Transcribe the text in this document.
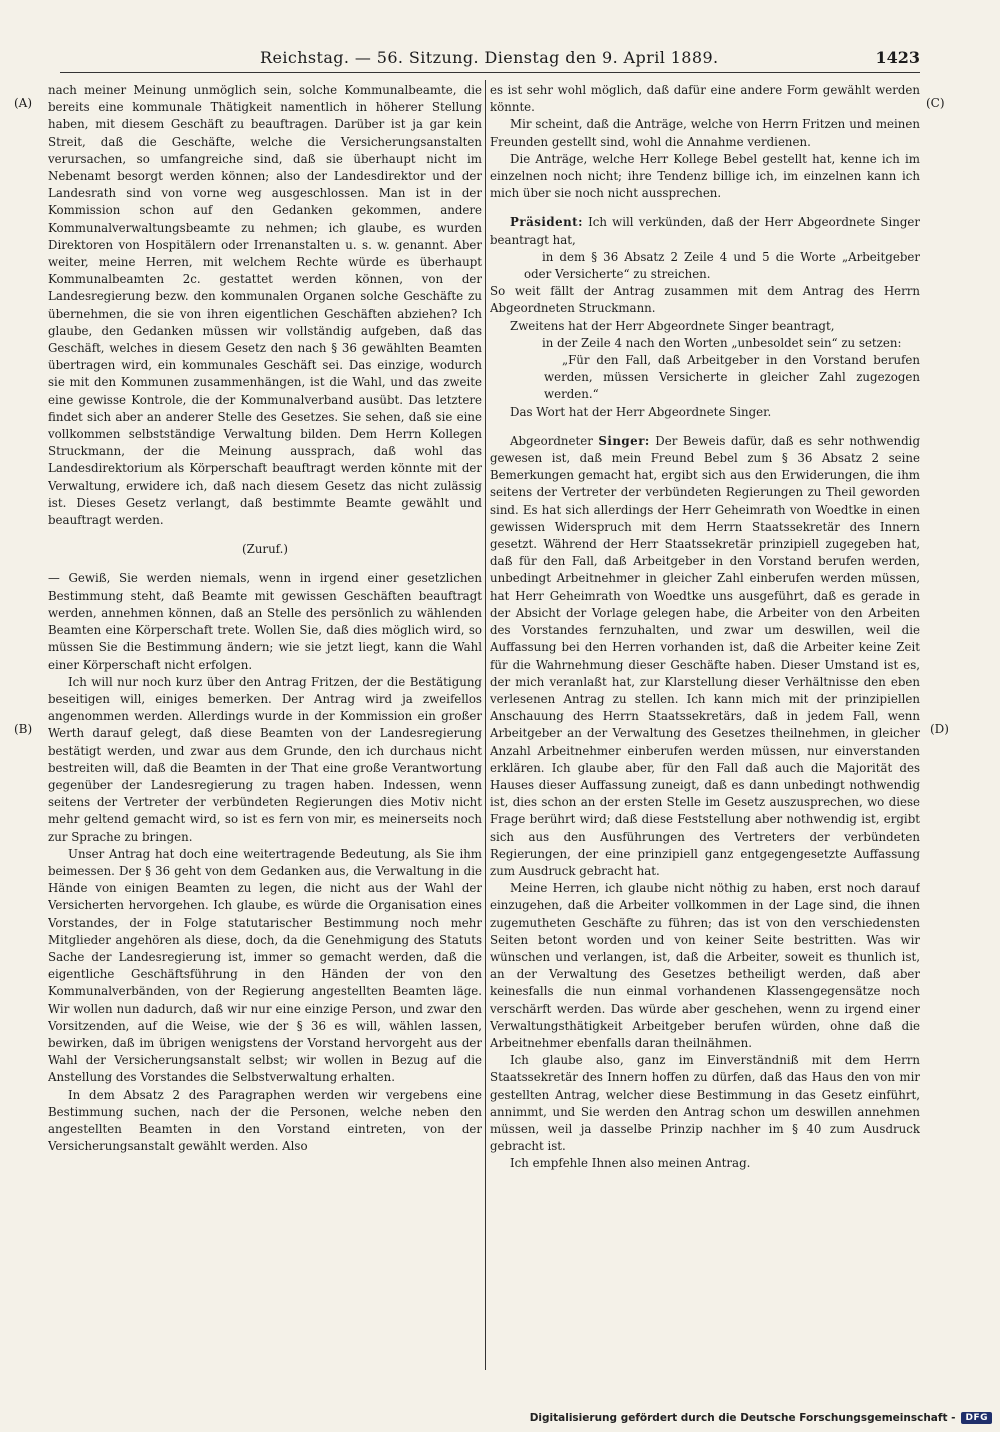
Reichstag. — 56. Sitzung. Dienstag den 9. April 1889.	1423
(A)
(B)
(C)
(D)

nach meiner Meinung unmöglich sein, solche Kommunalbeamte, die bereits eine kommunale Thätigkeit namentlich in höherer Stellung haben, mit diesem Geschäft zu beauftragen. Darüber ist ja gar kein Streit, daß die Geschäfte, welche die Versicherungsanstalten verursachen, so umfangreiche sind, daß sie überhaupt nicht im Nebenamt besorgt werden können; also der Landesdirektor und der Landesrath sind von vorne weg ausgeschlossen. Man ist in der Kommission schon auf den Gedanken gekommen, andere Kommunalverwaltungsbeamte zu nehmen; ich glaube, es wurden Direktoren von Hospitälern oder Irrenanstalten u. s. w. genannt. Aber weiter, meine Herren, mit welchem Rechte würde es überhaupt Kommunalbeamten 2c. gestattet werden können, von der Landesregierung bezw. den kommunalen Organen solche Geschäfte zu übernehmen, die sie von ihren eigentlichen Geschäften abziehen? Ich glaube, den Gedanken müssen wir vollständig aufgeben, daß das Geschäft, welches in diesem Gesetz den nach § 36 gewählten Beamten übertragen wird, ein kommunales Geschäft sei. Das einzige, wodurch sie mit den Kommunen zusammenhängen, ist die Wahl, und das zweite eine gewisse Kontrole, die der Kommunalverband ausübt. Das letztere findet sich aber an anderer Stelle des Gesetzes. Sie sehen, daß sie eine vollkommen selbstständige Verwaltung bilden. Dem Herrn Kollegen Struckmann, der die Meinung aussprach, daß wohl das Landesdirektorium als Körperschaft beauftragt werden könnte mit der Verwaltung, erwidere ich, daß nach diesem Gesetz das nicht zulässig ist. Dieses Gesetz verlangt, daß bestimmte Beamte gewählt und beauftragt werden.

(Zuruf.)

— Gewiß, Sie werden niemals, wenn in irgend einer gesetzlichen Bestimmung steht, daß Beamte mit gewissen Geschäften beauftragt werden, annehmen können, daß an Stelle des persönlich zu wählenden Beamten eine Körperschaft trete. Wollen Sie, daß dies möglich wird, so müssen Sie die Bestimmung ändern; wie sie jetzt liegt, kann die Wahl einer Körperschaft nicht erfolgen.

Ich will nur noch kurz über den Antrag Fritzen, der die Bestätigung beseitigen will, einiges bemerken. Der Antrag wird ja zweifellos angenommen werden. Allerdings wurde in der Kommission ein großer Werth darauf gelegt, daß diese Beamten von der Landesregierung bestätigt werden, und zwar aus dem Grunde, den ich durchaus nicht bestreiten will, daß die Beamten in der That eine große Verantwortung gegenüber der Landesregierung zu tragen haben. Indessen, wenn seitens der Vertreter der verbündeten Regierungen dies Motiv nicht mehr geltend gemacht wird, so ist es fern von mir, es meinerseits noch zur Sprache zu bringen.

Unser Antrag hat doch eine weitertragende Bedeutung, als Sie ihm beimessen. Der § 36 geht von dem Gedanken aus, die Verwaltung in die Hände von einigen Beamten zu legen, die nicht aus der Wahl der Versicherten hervorgehen. Ich glaube, es würde die Organisation eines Vorstandes, der in Folge statutarischer Bestimmung noch mehr Mitglieder angehören als diese, doch, da die Genehmigung des Statuts Sache der Landesregierung ist, immer so gemacht werden, daß die eigentliche Geschäftsführung in den Händen der von den Kommunalverbänden, von der Regierung angestellten Beamten läge. Wir wollen nun dadurch, daß wir nur eine einzige Person, und zwar den Vorsitzenden, auf die Weise, wie der § 36 es will, wählen lassen, bewirken, daß im übrigen wenigstens der Vorstand hervorgeht aus der Wahl der Versicherungsanstalt selbst; wir wollen in Bezug auf die Anstellung des Vorstandes die Selbstverwaltung erhalten.

In dem Absatz 2 des Paragraphen werden wir vergebens eine Bestimmung suchen, nach der die Personen, welche neben den angestellten Beamten in den Vorstand eintreten, von der Versicherungsanstalt gewählt werden. Also

es ist sehr wohl möglich, daß dafür eine andere Form gewählt werden könnte.

Mir scheint, daß die Anträge, welche von Herrn Fritzen und meinen Freunden gestellt sind, wohl die Annahme verdienen.

Die Anträge, welche Herr Kollege Bebel gestellt hat, kenne ich im einzelnen noch nicht; ihre Tendenz billige ich, im einzelnen kann ich mich über sie noch nicht aussprechen.

Präsident: Ich will verkünden, daß der Herr Abgeordnete Singer beantragt hat,

in dem § 36 Absatz 2 Zeile 4 und 5 die Worte „Arbeitgeber oder Versicherte“ zu streichen.

So weit fällt der Antrag zusammen mit dem Antrag des Herrn Abgeordneten Struckmann.

Zweitens hat der Herr Abgeordnete Singer beantragt,

in der Zeile 4 nach den Worten „unbesoldet sein“ zu setzen:

„Für den Fall, daß Arbeitgeber in den Vorstand berufen werden, müssen Versicherte in gleicher Zahl zugezogen werden.“

Das Wort hat der Herr Abgeordnete Singer.

Abgeordneter Singer: Der Beweis dafür, daß es sehr nothwendig gewesen ist, daß mein Freund Bebel zum § 36 Absatz 2 seine Bemerkungen gemacht hat, ergibt sich aus den Erwiderungen, die ihm seitens der Vertreter der verbündeten Regierungen zu Theil geworden sind. Es hat sich allerdings der Herr Geheimrath von Woedtke in einen gewissen Widerspruch mit dem Herrn Staatssekretär des Innern gesetzt. Während der Herr Staatssekretär prinzipiell zugegeben hat, daß für den Fall, daß Arbeitgeber in den Vorstand berufen werden, unbedingt Arbeitnehmer in gleicher Zahl einberufen werden müssen, hat Herr Geheimrath von Woedtke uns ausgeführt, daß es gerade in der Absicht der Vorlage gelegen habe, die Arbeiter von den Arbeiten des Vorstandes fernzuhalten, und zwar um deswillen, weil die Auffassung bei den Herren vorhanden ist, daß die Arbeiter keine Zeit für die Wahrnehmung dieser Geschäfte haben. Dieser Umstand ist es, der mich veranlaßt hat, zur Klarstellung dieser Verhältnisse den eben verlesenen Antrag zu stellen. Ich kann mich mit der prinzipiellen Anschauung des Herrn Staatssekretärs, daß in jedem Fall, wenn Arbeitgeber an der Verwaltung des Gesetzes theilnehmen, in gleicher Anzahl Arbeitnehmer einberufen werden müssen, nur einverstanden erklären. Ich glaube aber, für den Fall daß auch die Majorität des Hauses dieser Auffassung zuneigt, daß es dann unbedingt nothwendig ist, dies schon an der ersten Stelle im Gesetz auszusprechen, wo diese Frage berührt wird; daß diese Feststellung aber nothwendig ist, ergibt sich aus den Ausführungen des Vertreters der verbündeten Regierungen, der eine prinzipiell ganz entgegengesetzte Auffassung zum Ausdruck gebracht hat.

Meine Herren, ich glaube nicht nöthig zu haben, erst noch darauf einzugehen, daß die Arbeiter vollkommen in der Lage sind, die ihnen zugemutheten Geschäfte zu führen; das ist von den verschiedensten Seiten betont worden und von keiner Seite bestritten. Was wir wünschen und verlangen, ist, daß die Arbeiter, soweit es thunlich ist, an der Verwaltung des Gesetzes betheiligt werden, daß aber keinesfalls die nun einmal vorhandenen Klassengegensätze noch verschärft werden. Das würde aber geschehen, wenn zu irgend einer Verwaltungsthätigkeit Arbeitgeber berufen würden, ohne daß die Arbeitnehmer ebenfalls daran theilnähmen.

Ich glaube also, ganz im Einverständniß mit dem Herrn Staatssekretär des Innern hoffen zu dürfen, daß das Haus den von mir gestellten Antrag, welcher diese Bestimmung in das Gesetz einführt, annimmt, und Sie werden den Antrag schon um deswillen annehmen müssen, weil ja dasselbe Prinzip nachher im § 40 zum Ausdruck gebracht ist.

Ich empfehle Ihnen also meinen Antrag.

Digitalisierung gefördert durch die Deutsche Forschungsgemeinschaft -	DFG
